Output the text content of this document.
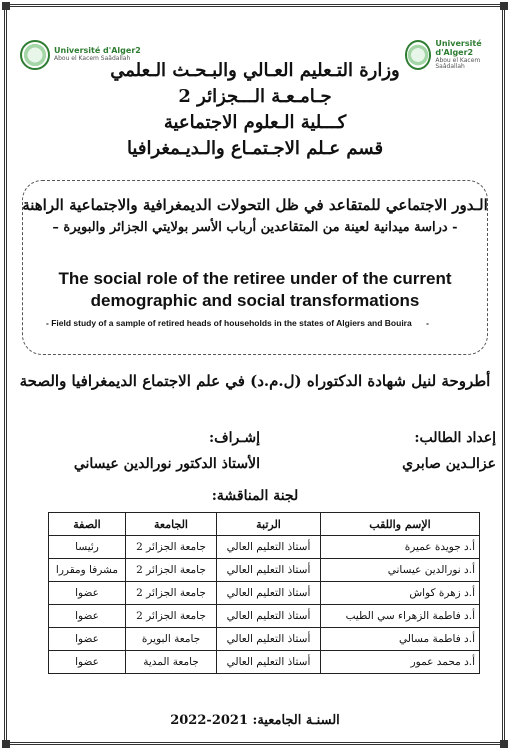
Université d'Alger2
Abou el Kacem Saâdallah
Université d'Alger2
Abou el Kacem Saâdallah
وزارة التـعليم العـالي والبـحـث الـعلمي
جـامـعـة الـــجزائر 2
كـــلية الـعلوم الاجتماعية
قسم عـلم الاجـتمـاع والـديـمغرافيا
الـدور الاجتماعي للمتقاعد في ظل التحولات الديمغرافية والاجتماعية الراهنة
- دراسة ميدانية لعينة من المتقاعدين أرباب الأسر بولايتي الجزائر والبويرة –
The social role of the retiree under of the current
demographic and social transformations
- Field study of a sample of retired heads of households in the states of Algiers and Bouira -
أطروحة لنيل شهادة الدكتوراه (ل.م.د) في علم الاجتماع الديمغرافيا والصحة
إعداد الطالب:
عزالـدين صابري
إشـراف:
الأستاذ الدكتور نورالدين عيساني
لجنة المناقشة:
الإسم واللقب	الرتبة	الجامعة	الصفة
أ.د جويدة عميرة	أستاذ التعليم العالي	جامعة الجزائر 2	رئيسا
أ.د نورالدين عيساني	أستاذ التعليم العالي	جامعة الجزائر 2	مشرفا ومقررا
أ.د زهرة كواش	أستاذ التعليم العالي	جامعة الجزائر 2	عضوا
أ.د فاطمة الزهراء سي الطيب	أستاذ التعليم العالي	جامعة الجزائر 2	عضوا
أ.د فاطمة مسالي	أستاذ التعليم العالي	جامعة البويرة	عضوا
أ.د محمد عمور	أستاذ التعليم العالي	جامعة المدية	عضوا
السنـة الجامعية: 2021-2022
